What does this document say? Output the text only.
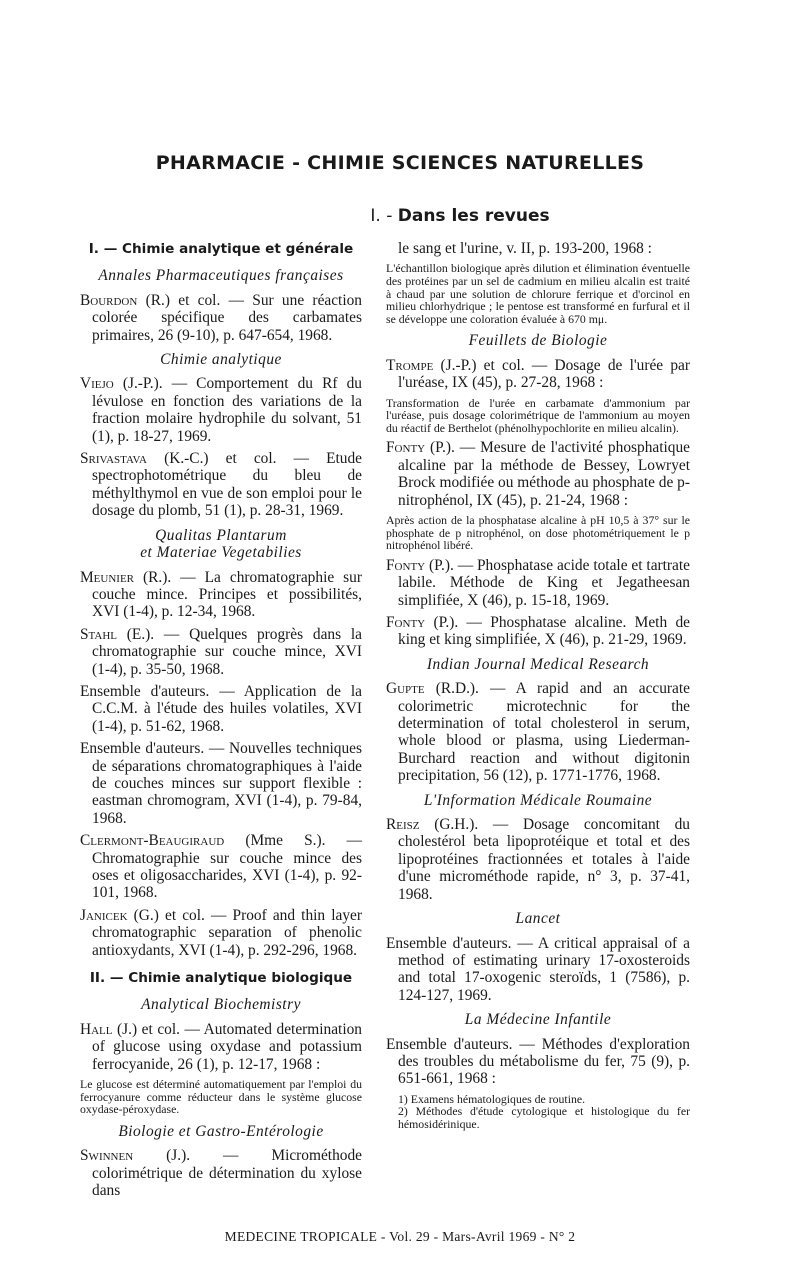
PHARMACIE - CHIMIE SCIENCES NATURELLES
I. - Dans les revues
I. — Chimie analytique et générale
Annales Pharmaceutiques françaises
Bourdon (R.) et col. — Sur une réaction colorée spécifique des carbamates primaires, 26 (9-10), p. 647-654, 1968.
Chimie analytique
Viejo (J.-P.). — Comportement du Rf du lévulose en fonction des variations de la fraction molaire hydrophile du solvant, 51 (1), p. 18-27, 1969.
Srivastava (K.-C.) et col. — Etude spectrophotométrique du bleu de méthylthymol en vue de son emploi pour le dosage du plomb, 51 (1), p. 28-31, 1969.
Qualitas Plantarum
et Materiae Vegetabilies
Meunier (R.). — La chromatographie sur couche mince. Principes et possibilités, XVI (1-4), p. 12-34, 1968.
Stahl (E.). — Quelques progrès dans la chromatographie sur couche mince, XVI (1-4), p. 35-50, 1968.
Ensemble d'auteurs. — Application de la C.C.M. à l'étude des huiles volatiles, XVI (1-4), p. 51-62, 1968.
Ensemble d'auteurs. — Nouvelles techniques de séparations chromatographiques à l'aide de couches minces sur support flexible : eastman chromogram, XVI (1-4), p. 79-84, 1968.
Clermont-Beaugiraud (Mme S.). — Chromatographie sur couche mince des oses et oligosaccharides, XVI (1-4), p. 92-101, 1968.
Janicek (G.) et col. — Proof and thin layer chromatographic separation of phenolic antioxydants, XVI (1-4), p. 292-296, 1968.
II. — Chimie analytique biologique
Analytical Biochemistry
Hall (J.) et col. — Automated determination of glucose using oxydase and potassium ferrocyanide, 26 (1), p. 12-17, 1968 :
Le glucose est déterminé automatiquement par l'emploi du ferrocyanure comme réducteur dans le système glucose oxydase-péroxydase.
Biologie et Gastro-Entérologie
Swinnen (J.). — Microméthode colorimétrique de détermination du xylose dans
le sang et l'urine, v. II, p. 193-200, 1968 :
L'échantillon biologique après dilution et élimination éventuelle des protéines par un sel de cadmium en milieu alcalin est traité à chaud par une solution de chlorure ferrique et d'orcinol en milieu chlorhydrique ; le pentose est transformé en furfural et il se développe une coloration évaluée à 670 mμ.
Feuillets de Biologie
Trompe (J.-P.) et col. — Dosage de l'urée par l'uréase, IX (45), p. 27-28, 1968 :
Transformation de l'urée en carbamate d'ammonium par l'uréase, puis dosage colorimétrique de l'ammonium au moyen du réactif de Berthelot (phénolhypochlorite en milieu alcalin).
Fonty (P.). — Mesure de l'activité phosphatique alcaline par la méthode de Bessey, Lowryet Brock modifiée ou méthode au phosphate de p-nitrophénol, IX (45), p. 21-24, 1968 :
Après action de la phosphatase alcaline à pH 10,5 à 37° sur le phosphate de p nitrophénol, on dose photométriquement le p nitrophénol libéré.
Fonty (P.). — Phosphatase acide totale et tartrate labile. Méthode de King et Jegatheesan simplifiée, X (46), p. 15-18, 1969.
Fonty (P.). — Phosphatase alcaline. Meth de king et king simplifiée, X (46), p. 21-29, 1969.
Indian Journal Medical Research
Gupte (R.D.). — A rapid and an accurate colorimetric microtechnic for the determination of total cholesterol in serum, whole blood or plasma, using Liederman-Burchard reaction and without digitonin precipitation, 56 (12), p. 1771-1776, 1968.
L'Information Médicale Roumaine
Reisz (G.H.). — Dosage concomitant du cholestérol beta lipoprotéique et total et des lipoprotéines fractionnées et totales à l'aide d'une microméthode rapide, n° 3, p. 37-41, 1968.
Lancet
Ensemble d'auteurs. — A critical appraisal of a method of estimating urinary 17-oxosteroids and total 17-oxogenic steroïds, 1 (7586), p. 124-127, 1969.
La Médecine Infantile
Ensemble d'auteurs. — Méthodes d'exploration des troubles du métabolisme du fer, 75 (9), p. 651-661, 1968 :
1) Examens hématologiques de routine.
2) Méthodes d'étude cytologique et histologique du fer hémosidérinique.
MEDECINE TROPICALE - Vol. 29 - Mars-Avril 1969 - N° 2
